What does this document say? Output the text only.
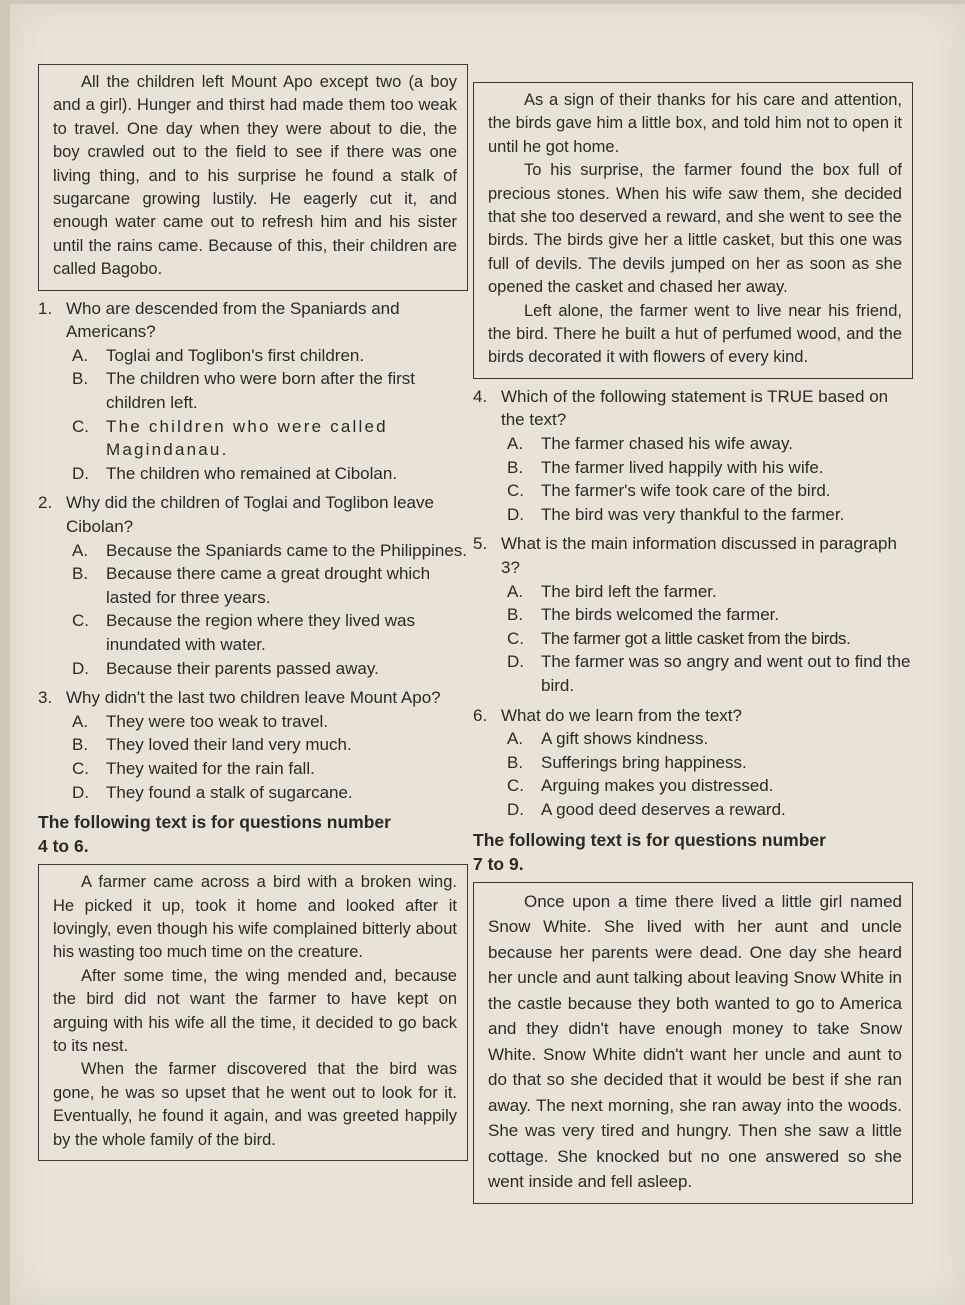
All the children left Mount Apo except two (a boy and a girl). Hunger and thirst had made them too weak to travel. One day when they were about to die, the boy crawled out to the field to see if there was one living thing, and to his surprise he found a stalk of sugarcane growing lustily. He eagerly cut it, and enough water came out to refresh him and his sister until the rains came. Because of this, their children are called Bagobo.

1. Who are descended from the Spaniards and Americans?
A.	Toglai and Toglibon's first children.
B.	The children who were born after the first children left.
C.	The children who were called Magindanau.
D.	The children who remained at Cibolan.
2. Why did the children of Toglai and Toglibon leave Cibolan?
A.	Because the Spaniards came to the Philippines.
B.	Because there came a great drought which lasted for three years.
C.	Because the region where they lived was inundated with water.
D.	Because their parents passed away.
3. Why didn't the last two children leave Mount Apo?
A.	They were too weak to travel.
B.	They loved their land very much.
C.	They waited for the rain fall.
D.	They found a stalk of sugarcane.
The following text is for questions number
4 to 6.

A farmer came across a bird with a broken wing. He picked it up, took it home and looked after it lovingly, even though his wife complained bitterly about his wasting too much time on the creature.

After some time, the wing mended and, because the bird did not want the farmer to have kept on arguing with his wife all the time, it decided to go back to its nest.

When the farmer discovered that the bird was gone, he was so upset that he went out to look for it. Eventually, he found it again, and was greeted happily by the whole family of the bird.

As a sign of their thanks for his care and attention, the birds gave him a little box, and told him not to open it until he got home.

To his surprise, the farmer found the box full of precious stones. When his wife saw them, she decided that she too deserved a reward, and she went to see the birds. The birds give her a little casket, but this one was full of devils. The devils jumped on her as soon as she opened the casket and chased her away.

Left alone, the farmer went to live near his friend, the bird. There he built a hut of perfumed wood, and the birds decorated it with flowers of every kind.

4. Which of the following statement is TRUE based on the text?
A.	The farmer chased his wife away.
B.	The farmer lived happily with his wife.
C.	The farmer's wife took care of the bird.
D.	The bird was very thankful to the farmer.
5. What is the main information discussed in paragraph 3?
A.	The bird left the farmer.
B.	The birds welcomed the farmer.
C.	The farmer got a little casket from the birds.
D.	The farmer was so angry and went out to find the bird.
6. What do we learn from the text?
A.	A gift shows kindness.
B.	Sufferings bring happiness.
C.	Arguing makes you distressed.
D.	A good deed deserves a reward.
The following text is for questions number
7 to 9.

Once upon a time there lived a little girl named Snow White. She lived with her aunt and uncle because her parents were dead. One day she heard her uncle and aunt talking about leaving Snow White in the castle because they both wanted to go to America and they didn't have enough money to take Snow White. Snow White didn't want her uncle and aunt to do that so she decided that it would be best if she ran away. The next morning, she ran away into the woods. She was very tired and hungry. Then she saw a little cottage. She knocked but no one answered so she went inside and fell asleep.
